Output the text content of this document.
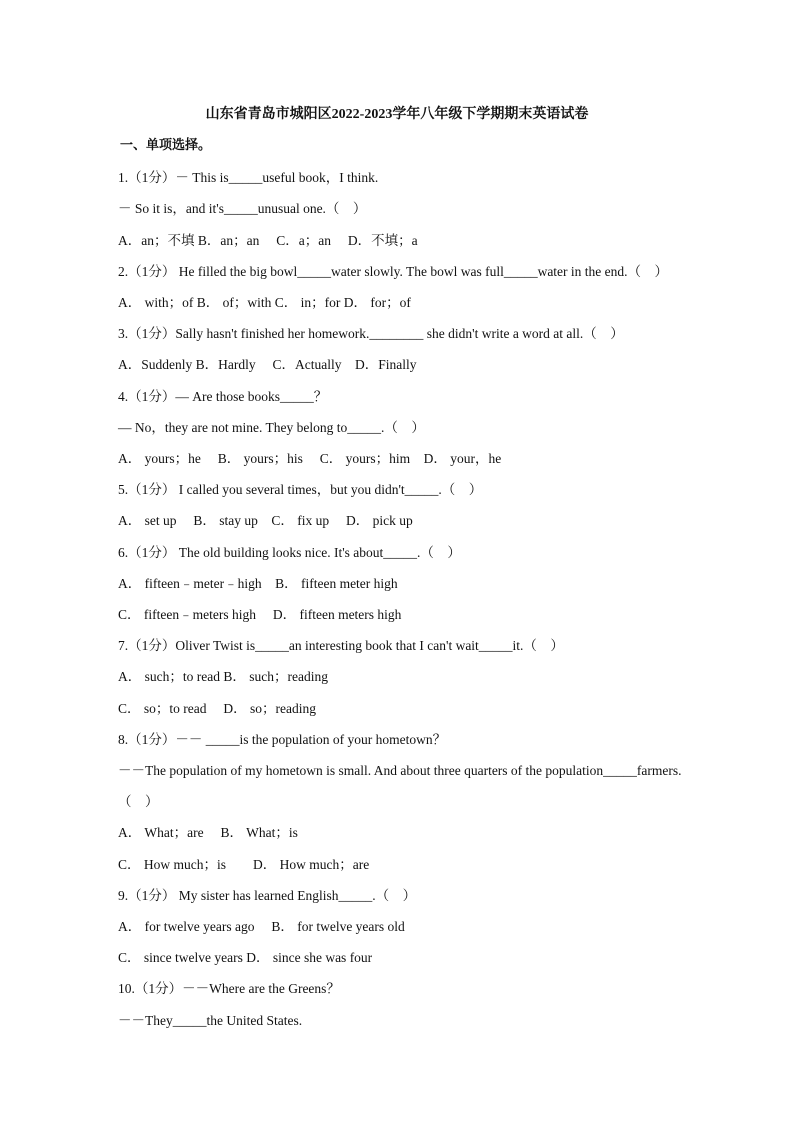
山东省青岛市城阳区2022-2023学年八年级下学期期末英语试卷
一、单项选择。
1.（1分）－ This is_____useful book，I think.
－ So it is，and it's_____unusual one.（　）
A．an；不填 B．an；an　 C．a；an　 D．不填；a
2.（1分） He filled the big bowl_____water slowly. The bowl was full_____water in the end.（　）
A． with；of B． of；with C． in；for D． for；of
3.（1分）Sally hasn't finished her homework.________ she didn't write a word at all.（　）
A．Suddenly B．Hardly　 C．Actually　D．Finally
4.（1分）— Are those books_____？
— No，they are not mine. They belong to_____.（　）
A． yours；he　 B． yours；his　 C． yours；him　D． your，he
5.（1分） I called you several times，but you didn't_____.（　）
A． set up　 B． stay up　C． fix up　 D． pick up
6.（1分） The old building looks nice. It's about_____.（　）
A． fifteen﹣meter﹣high　B． fifteen meter high
C． fifteen﹣meters high　 D． fifteen meters high
7.（1分）Oliver Twist is_____an interesting book that I can't wait_____it.（　）
A． such；to read B． such；reading
C． so；to read　 D． so；reading
8.（1分）－－ _____is the population of your hometown？
－－The population of my hometown is small. And about three quarters of the population_____farmers.
（　）
A． What；are　 B． What；is
C． How much；is　　D． How much；are
9.（1分） My sister has learned English_____.（　）
A． for twelve years ago　 B． for twelve years old
C． since twelve years D． since she was four
10.（1分）－－Where are the Greens？
－－They_____the United States.
